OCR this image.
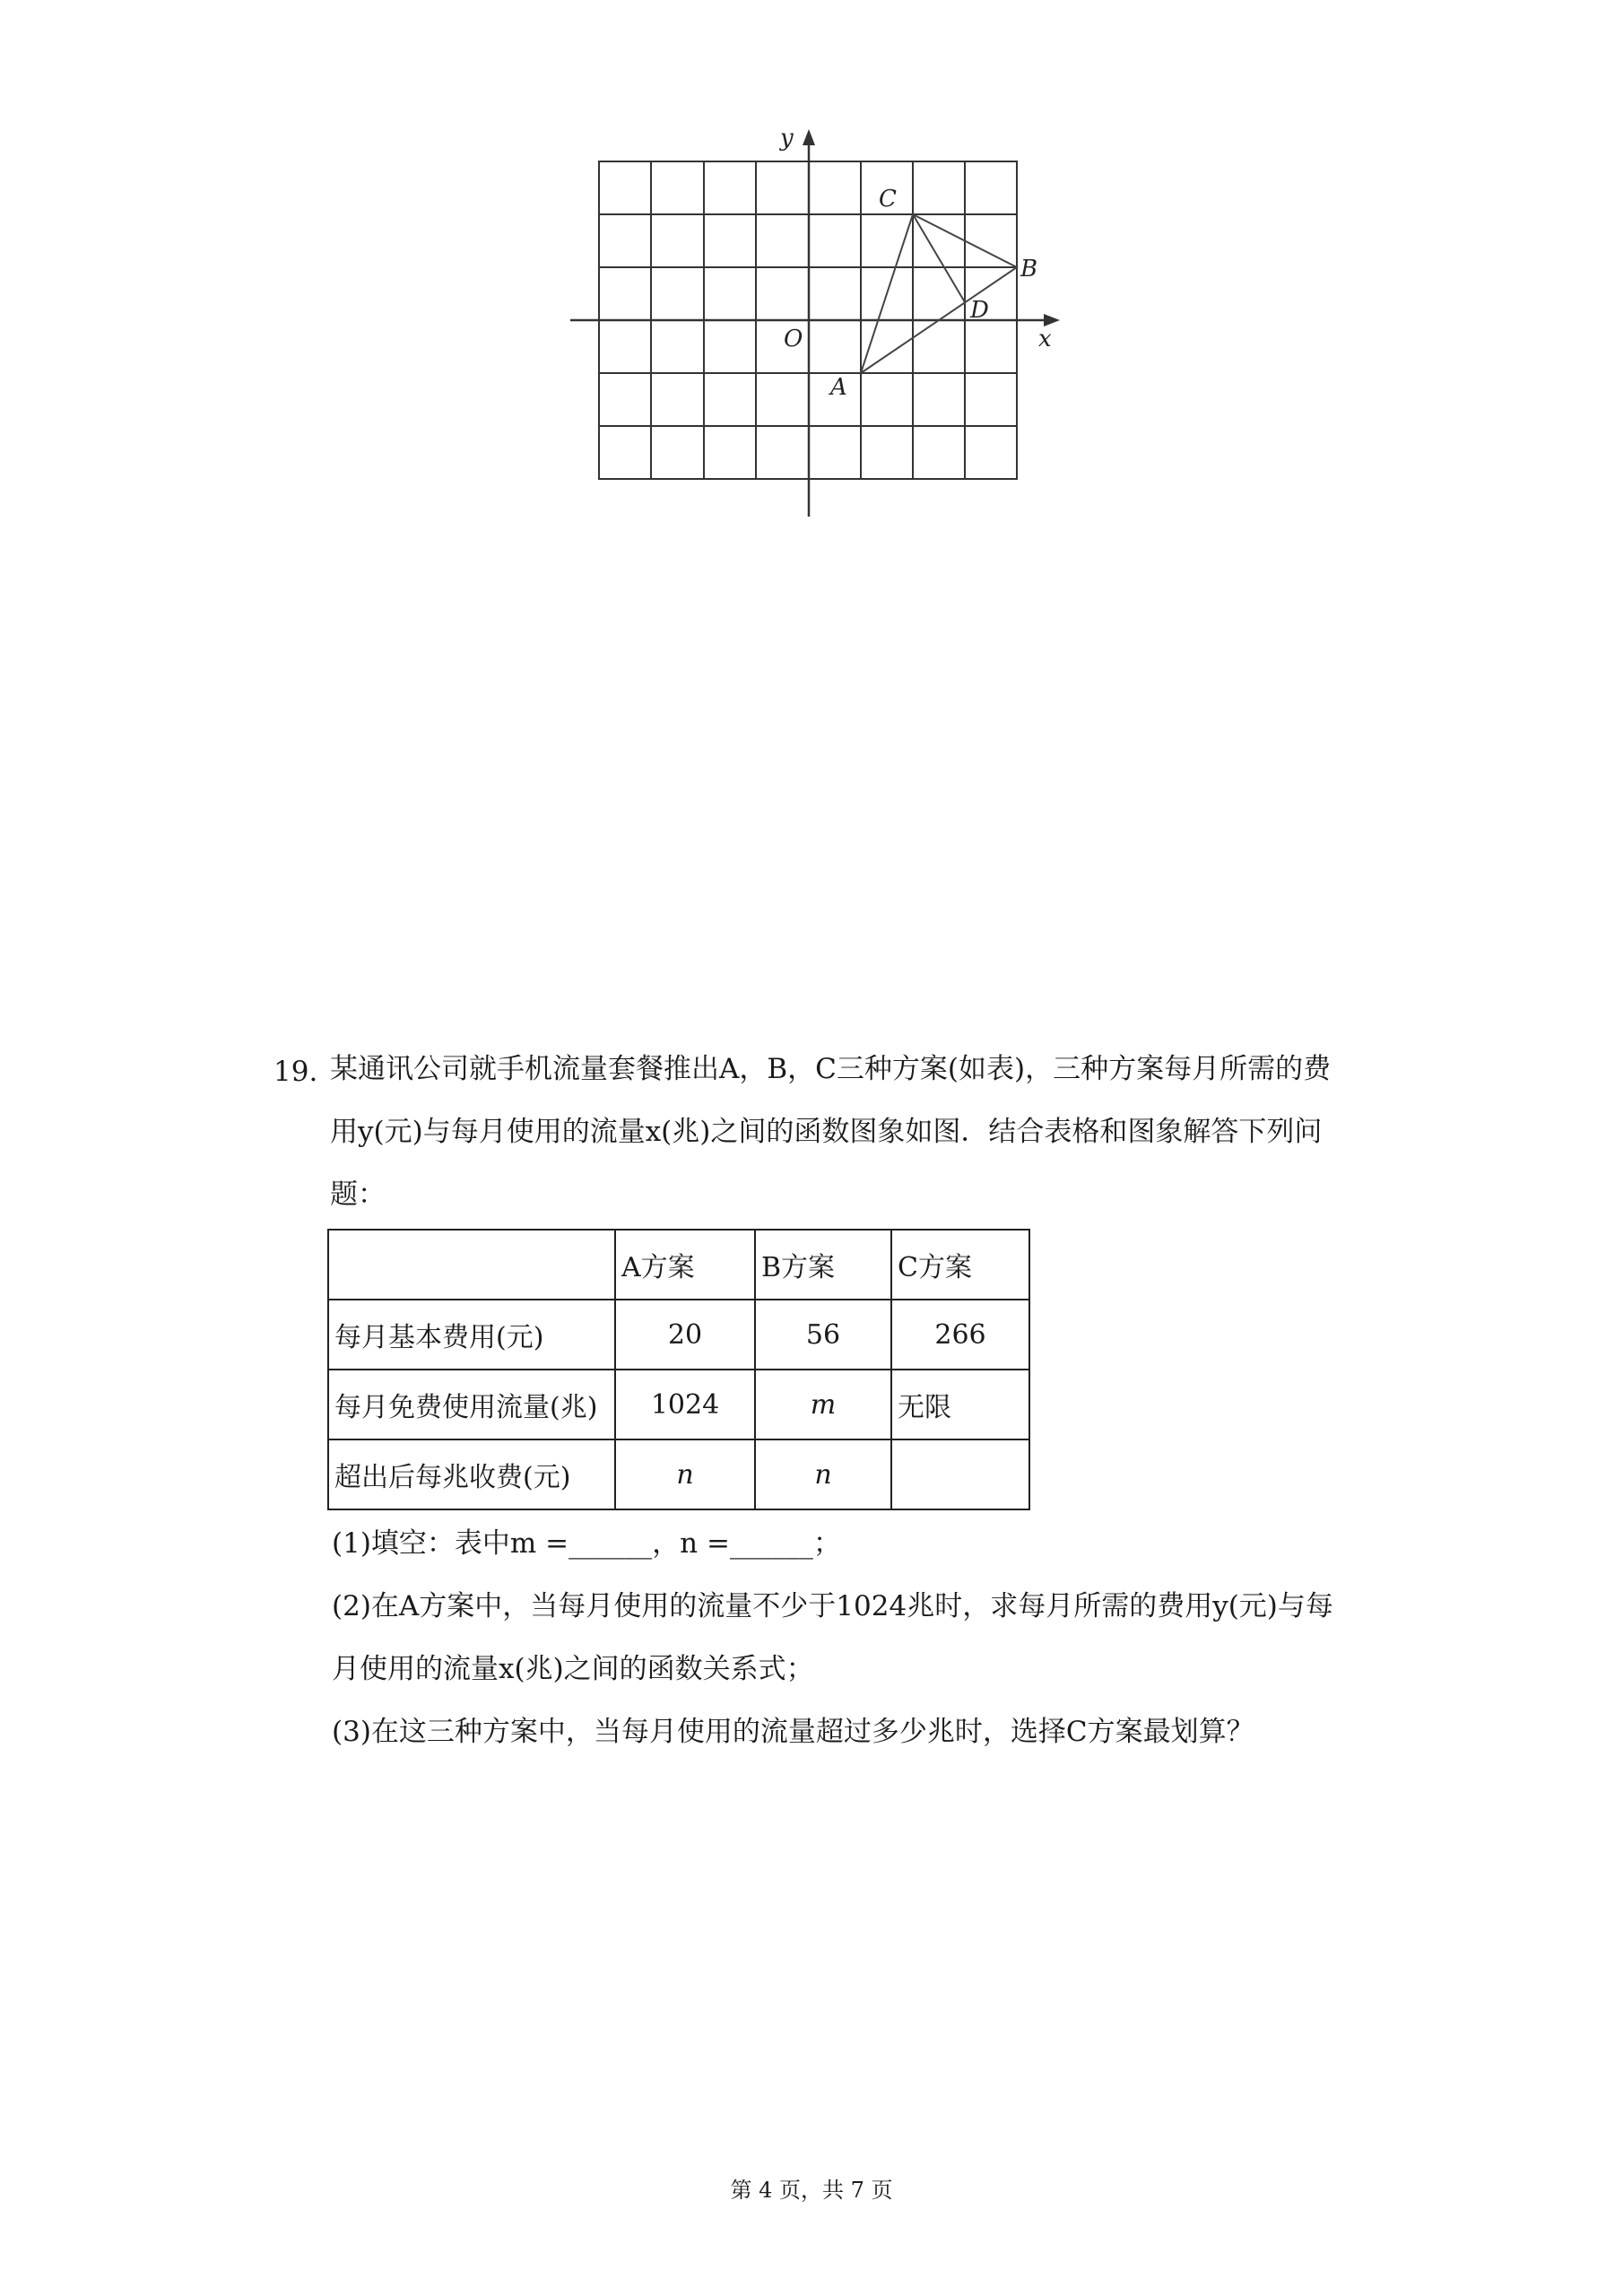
x
y
O
A
B
C
D
19. 某通讯公司就手机流量套餐推出A，B，C三种方案(如表)，三种方案每月所需的费
用y(元)与每月使用的流量x(兆)之间的函数图象如图．结合表格和图象解答下列问
题：
	A方案	B方案	C方案
每月基本费用(元)	20	56	266
每月免费使用流量(兆)	1024	m	无限
超出后每兆收费(元)	n	n	
(1)填空：表中m =______，n =______；
(2)在A方案中，当每月使用的流量不少于1024兆时，求每月所需的费用y(元)与每
月使用的流量x(兆)之间的函数关系式；
(3)在这三种方案中，当每月使用的流量超过多少兆时，选择C方案最划算？
第 4 页，共 7 页
